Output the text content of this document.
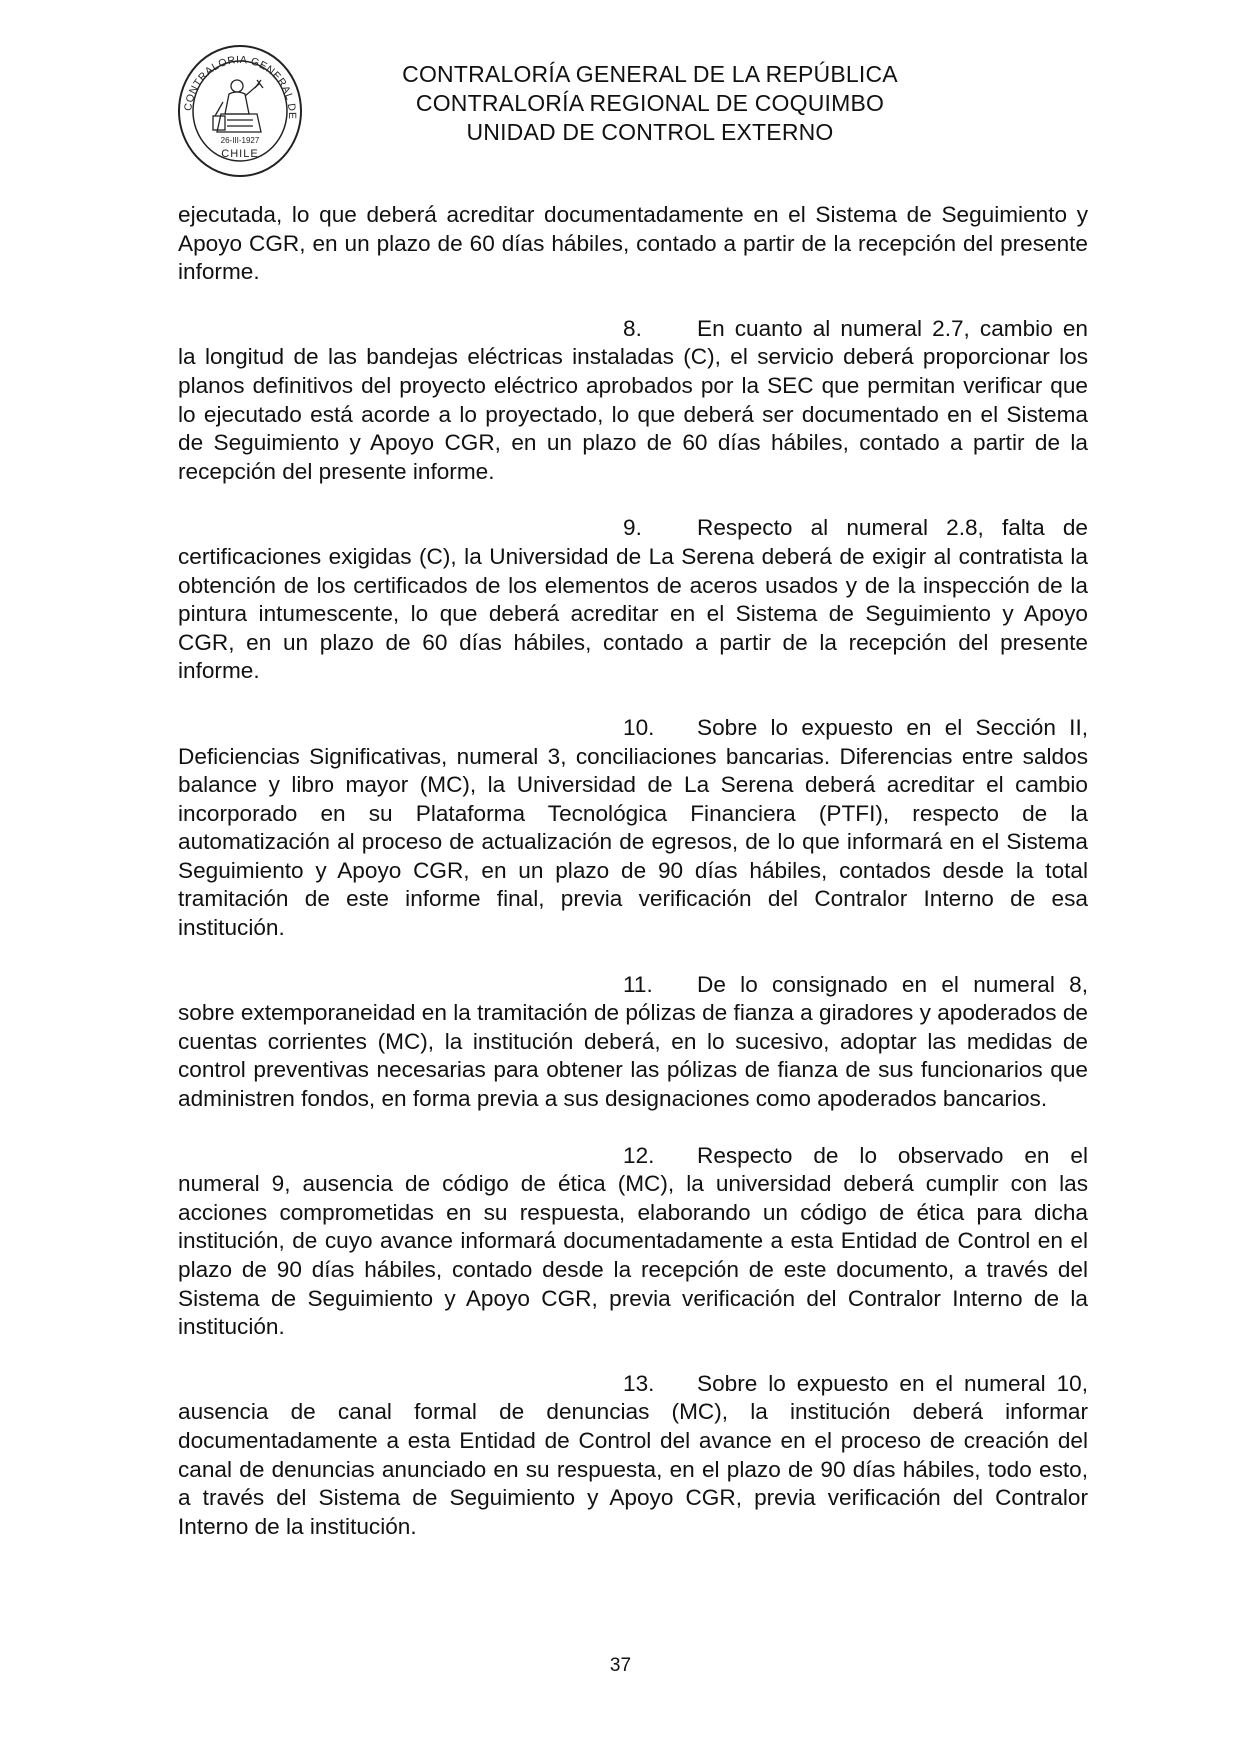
CONTRALORIA GENERAL DE
26-III-1927
CHILE
CONTRALORÍA GENERAL DE LA REPÚBLICA
CONTRALORÍA REGIONAL DE COQUIMBO
UNIDAD DE CONTROL EXTERNO

ejecutada, lo que deberá acreditar documentadamente en el Sistema de Seguimiento y Apoyo CGR, en un plazo de 60 días hábiles, contado a partir de la recepción del presente informe.

8. En cuanto al numeral 2.7, cambio en la longitud de las bandejas eléctricas instaladas (C), el servicio deberá proporcionar los planos definitivos del proyecto eléctrico aprobados por la SEC que permitan verificar que lo ejecutado está acorde a lo proyectado, lo que deberá ser documentado en el Sistema de Seguimiento y Apoyo CGR, en un plazo de 60 días hábiles, contado a partir de la recepción del presente informe.

9. Respecto al numeral 2.8, falta de certificaciones exigidas (C), la Universidad de La Serena deberá de exigir al contratista la obtención de los certificados de los elementos de aceros usados y de la inspección de la pintura intumescente, lo que deberá acreditar en el Sistema de Seguimiento y Apoyo CGR, en un plazo de 60 días hábiles, contado a partir de la recepción del presente informe.

10. Sobre lo expuesto en el Sección II, Deficiencias Significativas, numeral 3, conciliaciones bancarias. Diferencias entre saldos balance y libro mayor (MC), la Universidad de La Serena deberá acreditar el cambio incorporado en su Plataforma Tecnológica Financiera (PTFI), respecto de la automatización al proceso de actualización de egresos, de lo que informará en el Sistema Seguimiento y Apoyo CGR, en un plazo de 90 días hábiles, contados desde la total tramitación de este informe final, previa verificación del Contralor Interno de esa institución.

11. De lo consignado en el numeral 8, sobre extemporaneidad en la tramitación de pólizas de fianza a giradores y apoderados de cuentas corrientes (MC), la institución deberá, en lo sucesivo, adoptar las medidas de control preventivas necesarias para obtener las pólizas de fianza de sus funcionarios que administren fondos, en forma previa a sus designaciones como apoderados bancarios.

12. Respecto de lo observado en el numeral 9, ausencia de código de ética (MC), la universidad deberá cumplir con las acciones comprometidas en su respuesta, elaborando un código de ética para dicha institución, de cuyo avance informará documentadamente a esta Entidad de Control en el plazo de 90 días hábiles, contado desde la recepción de este documento, a través del Sistema de Seguimiento y Apoyo CGR, previa verificación del Contralor Interno de la institución.

13. Sobre lo expuesto en el numeral 10, ausencia de canal formal de denuncias (MC), la institución deberá informar documentadamente a esta Entidad de Control del avance en el proceso de creación del canal de denuncias anunciado en su respuesta, en el plazo de 90 días hábiles, todo esto, a través del Sistema de Seguimiento y Apoyo CGR, previa verificación del Contralor Interno de la institución.

37
